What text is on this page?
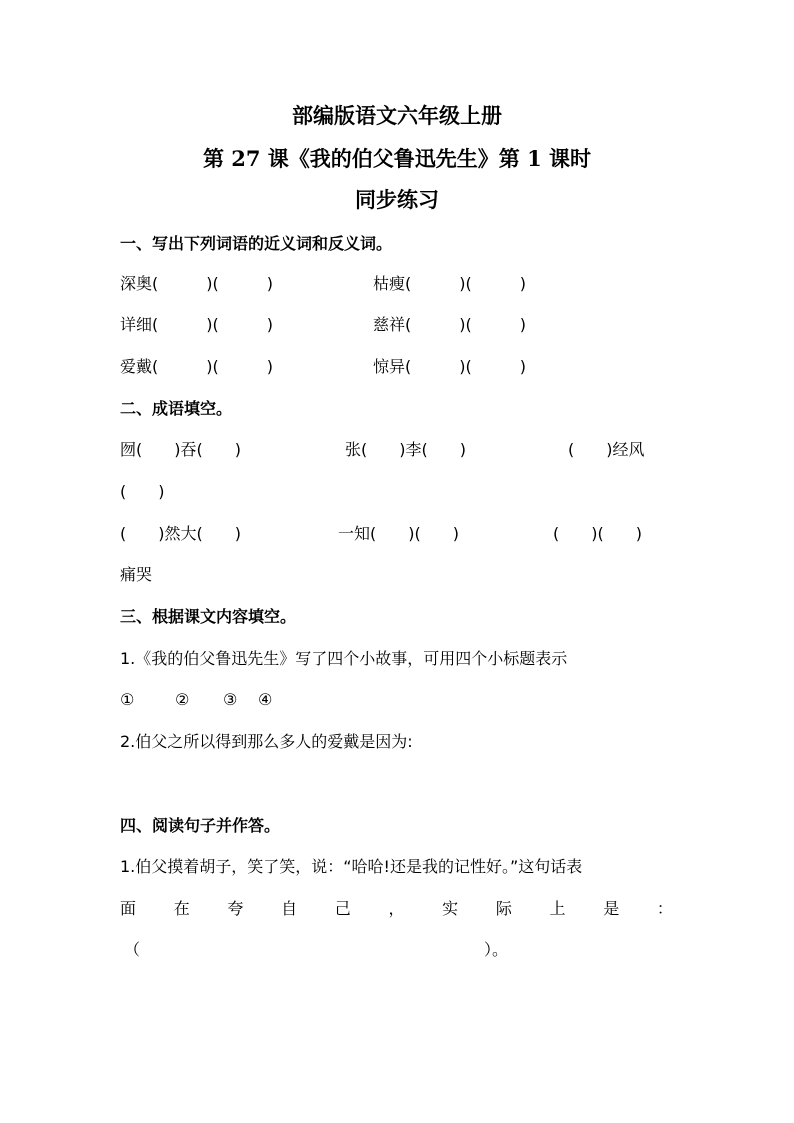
部编版语文六年级上册
第 27 课《我的伯父鲁迅先生》第 1 课时
同步练习
一、写出下列词语的近义词和反义词。
深奥(　　　)(　　　)	枯瘦(　　　)(　　　)
详细(　　　)(　　　)	慈祥(　　　)(　　　)
爱戴(　　　)(　　　)	惊异(　　　)(　　　)
二、成语填空。
囫(　　)吞(　　)	张(　　)李(　　)	(　　)经风
(　　)
(　　)然大(　　)	一知(　　)(　　)	(　　)(　　)
痛哭
三、根据课文内容填空。
1.《我的伯父鲁迅先生》写了四个小故事，可用四个小标题表示
①	② ③ ④
2.伯父之所以得到那么多人的爱戴是因为:
四、阅读句子并作答。
1.伯父摸着胡子，笑了笑，说：“哈哈!还是我的记性好。”这句话表
面 在 夸 自 己 ， 实 际 上 是 ：
（	）。
